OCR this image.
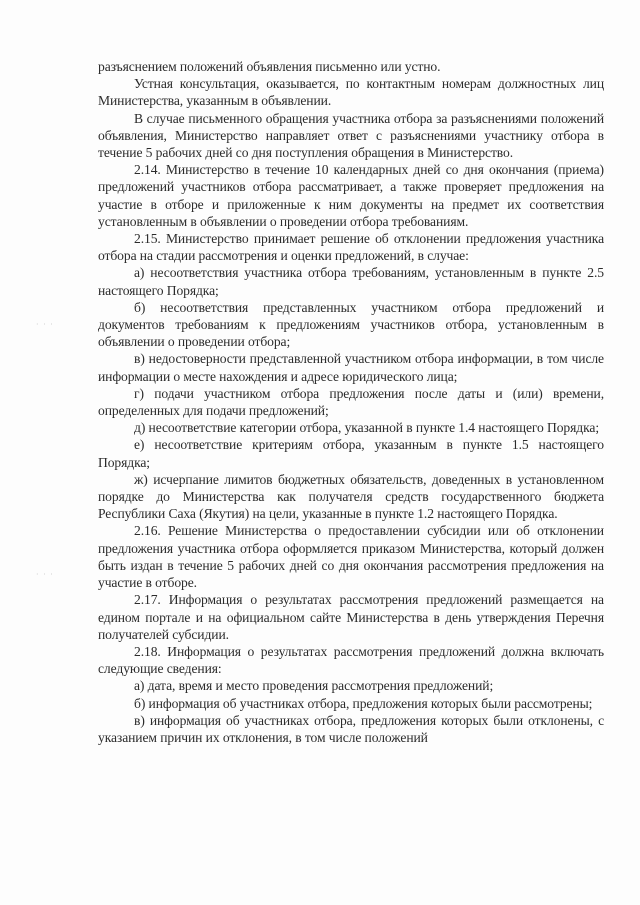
· · ·
· · ·

разъяснением положений объявления письменно или устно.

Устная консультация, оказывается, по контактным номерам должностных лиц Министерства, указанным в объявлении.

В случае письменного обращения участника отбора за разъяснениями положений объявления, Министерство направляет ответ с разъяснениями участнику отбора в течение 5 рабочих дней со дня поступления обращения в Министерство.

2.14. Министерство в течение 10 календарных дней со дня окончания (приема) предложений участников отбора рассматривает, а также проверяет предложения на участие в отборе и приложенные к ним документы на предмет их соответствия установленным в объявлении о проведении отбора требованиям.

2.15. Министерство принимает решение об отклонении предложения участника отбора на стадии рассмотрения и оценки предложений, в случае:

а) несоответствия участника отбора требованиям, установленным в пункте 2.5 настоящего Порядка;

б) несоответствия представленных участником отбора предложений и документов требованиям к предложениям участников отбора, установленным в объявлении о проведении отбора;

в) недостоверности представленной участником отбора информации, в том числе информации о месте нахождения и адресе юридического лица;

г) подачи участником отбора предложения после даты и (или) времени, определенных для подачи предложений;

д) несоответствие категории отбора, указанной в пункте 1.4 настоящего Порядка;

е) несоответствие критериям отбора, указанным в пункте 1.5 настоящего Порядка;

ж) исчерпание лимитов бюджетных обязательств, доведенных в установленном порядке до Министерства как получателя средств государственного бюджета Республики Саха (Якутия) на цели, указанные в пункте 1.2 настоящего Порядка.

2.16. Решение Министерства о предоставлении субсидии или об отклонении предложения участника отбора оформляется приказом Министерства, который должен быть издан в течение 5 рабочих дней со дня окончания рассмотрения предложения на участие в отборе.

2.17. Информация о результатах рассмотрения предложений размещается на едином портале и на официальном сайте Министерства в день утверждения Перечня получателей субсидии.

2.18. Информация о результатах рассмотрения предложений должна включать следующие сведения:

а) дата, время и место проведения рассмотрения предложений;

б) информация об участниках отбора, предложения которых были рассмотрены;

в) информация об участниках отбора, предложения которых были отклонены, с указанием причин их отклонения, в том числе положений
